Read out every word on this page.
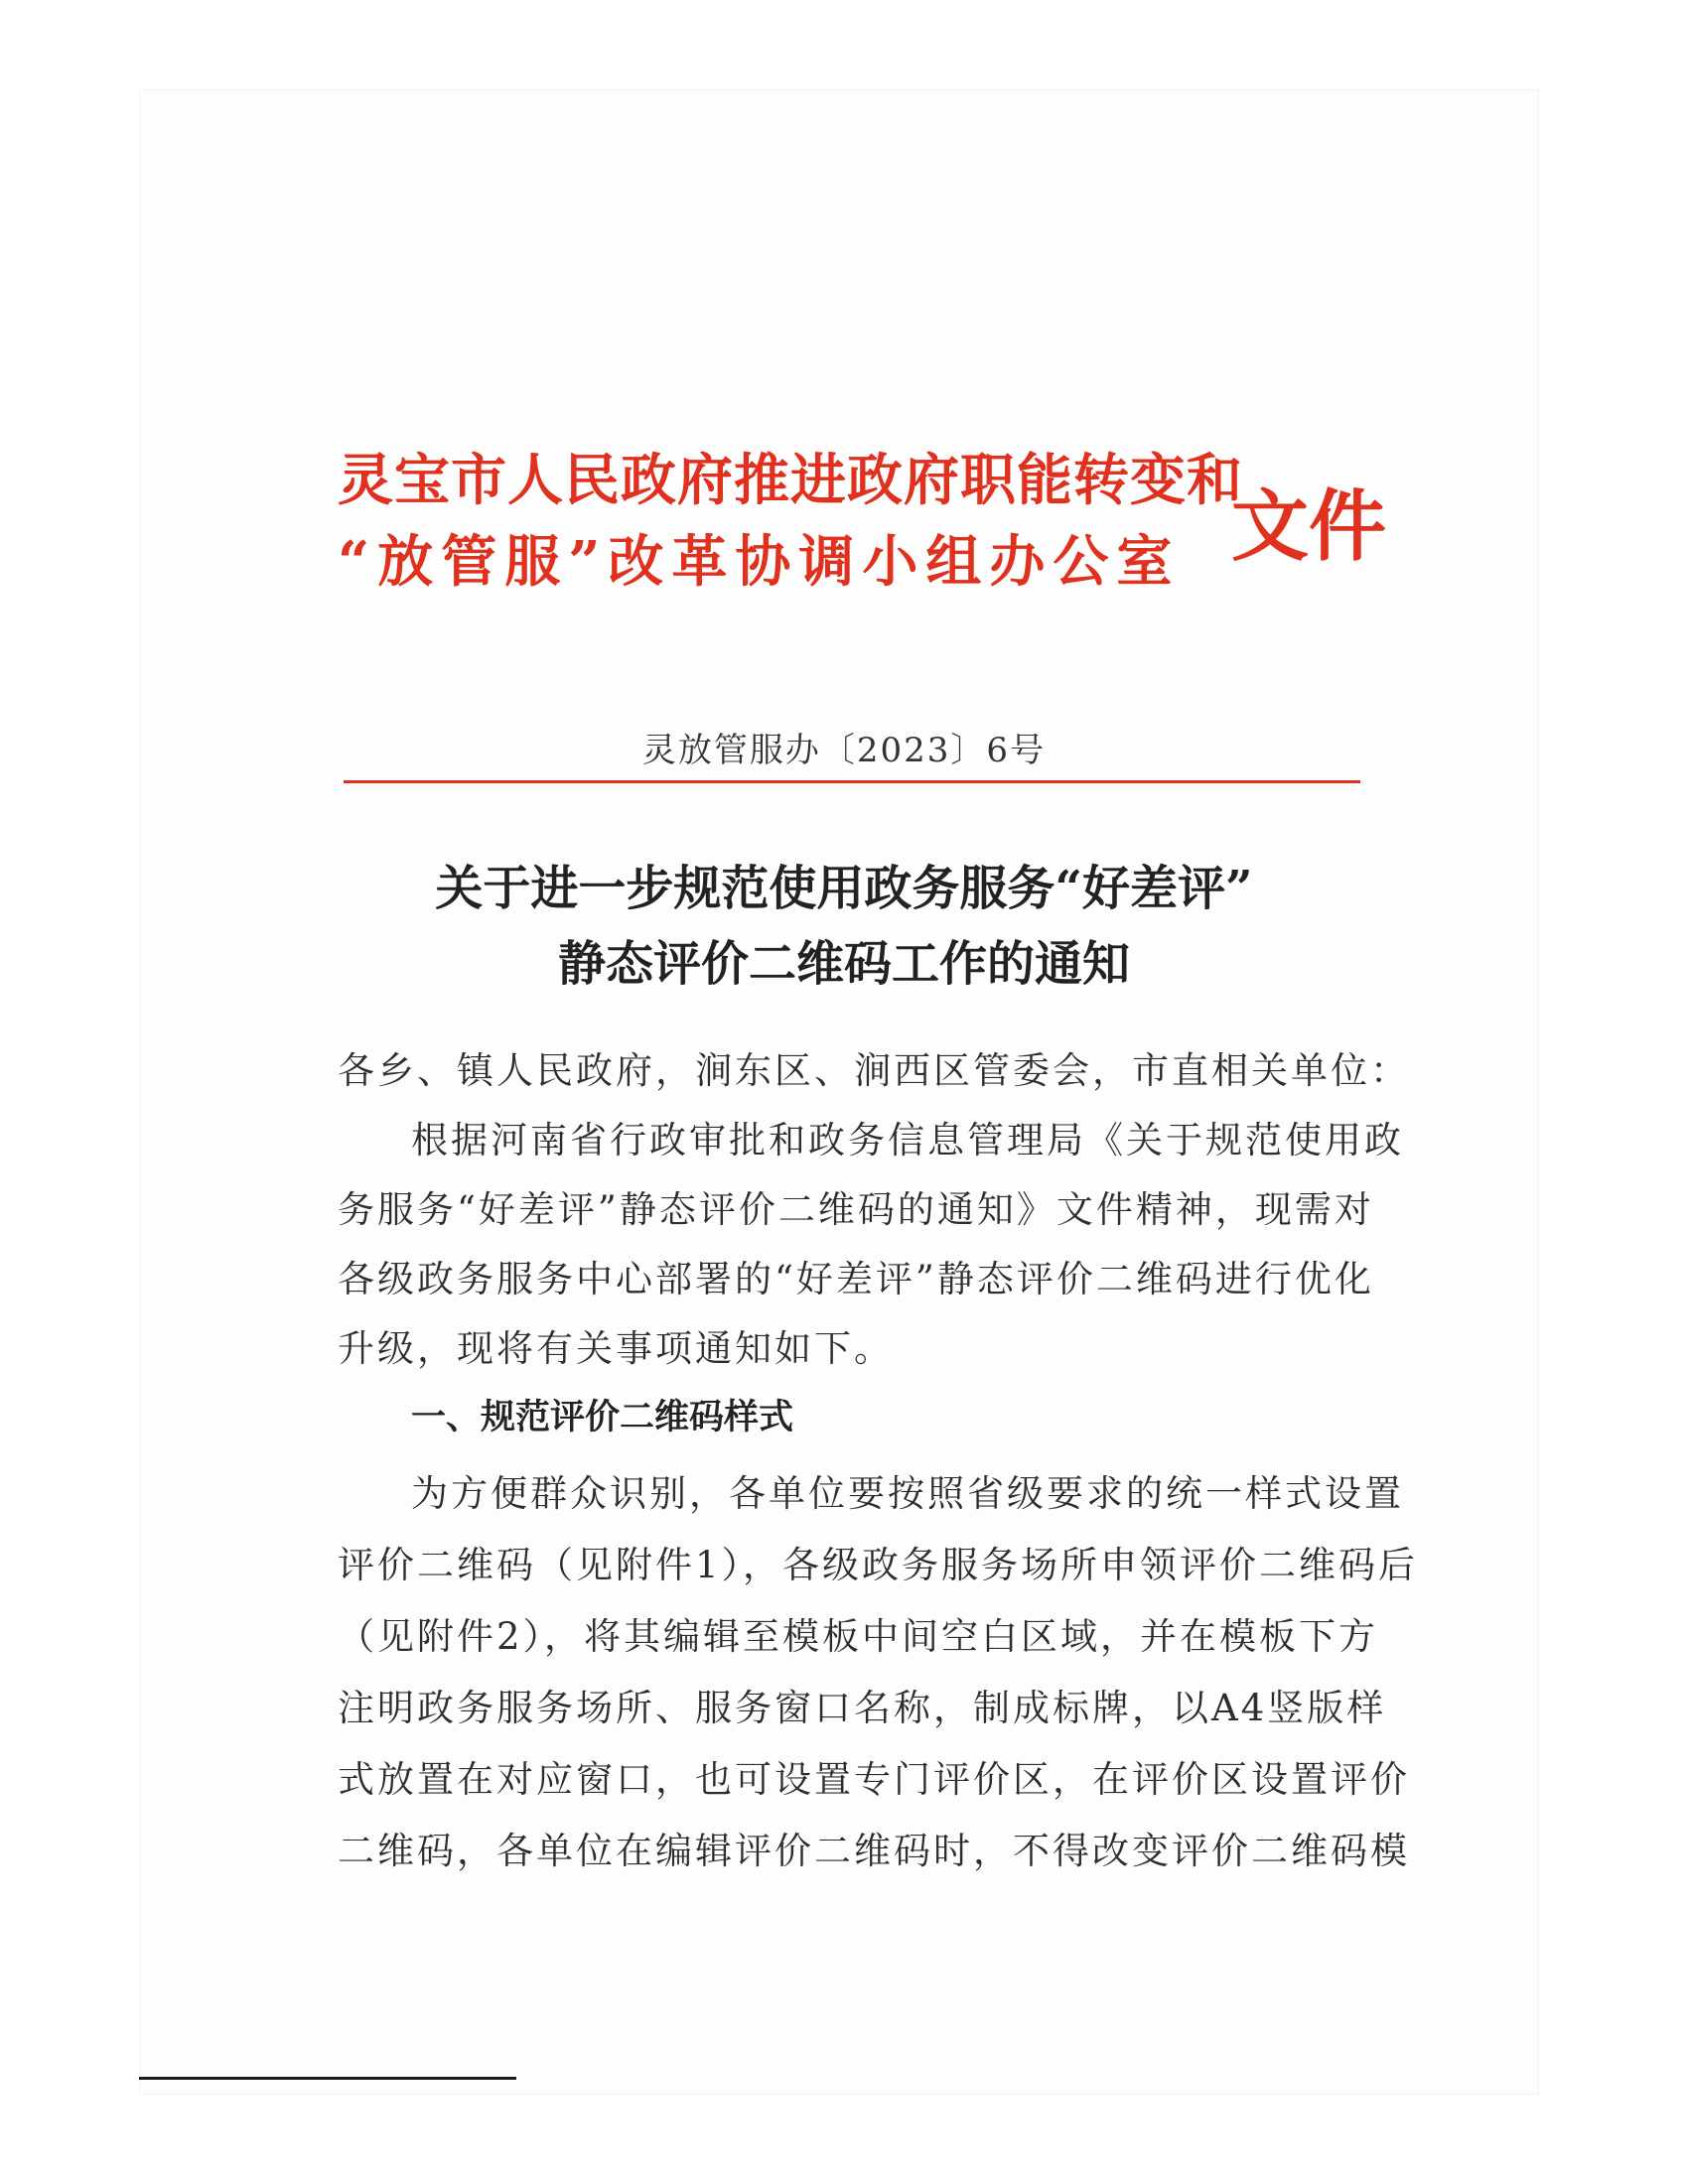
灵宝市人民政府推进政府职能转变和
“放管服”改革协调小组办公室 文件
灵放管服办〔2023〕6号
关于进一步规范使用政务服务“好差评”
静态评价二维码工作的通知
各乡、镇人民政府，涧东区、涧西区管委会，市直相关单位：
根据河南省行政审批和政务信息管理局《关于规范使用政
务服务“好差评”静态评价二维码的通知》文件精神，现需对
各级政务服务中心部署的“好差评”静态评价二维码进行优化
升级，现将有关事项通知如下。
一、规范评价二维码样式
为方便群众识别，各单位要按照省级要求的统一样式设置
评价二维码（见附件1），各级政务服务场所申领评价二维码后
（见附件2），将其编辑至模板中间空白区域，并在模板下方
注明政务服务场所、服务窗口名称，制成标牌，以A4竖版样
式放置在对应窗口，也可设置专门评价区，在评价区设置评价
二维码，各单位在编辑评价二维码时，不得改变评价二维码模
